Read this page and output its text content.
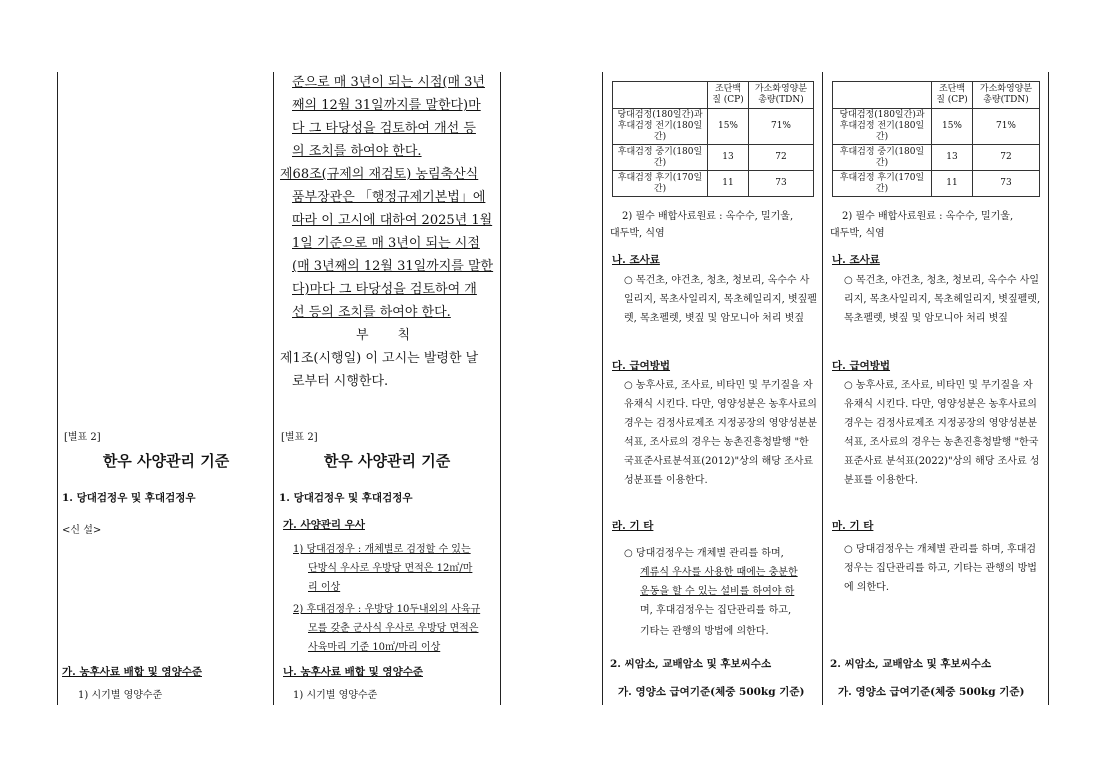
[별표 2]
한우 사양관리 기준
1. 당대검정우 및 후대검정우
<신 설>
가. 농후사료 배합 및 영양수준
1) 시기별 영양수준
준으로 매 3년이 되는 시점(매 3년
째의 12월 31일까지를 말한다)마
다 그 타당성을 검토하여 개선 등
의 조치를 하여야 한다.
제68조(규제의 재검토) 농림축산식
품부장관은 「행정규제기본법」에
따라 이 고시에 대하여 2025년 1월
1일 기준으로 매 3년이 되는 시점
(매 3년째의 12월 31일까지를 말한
다)마다 그 타당성을 검토하여 개
선 등의 조치를 하여야 한다.
부       칙
제1조(시행일) 이 고시는 발령한 날
로부터 시행한다.
[별표 2]
한우 사양관리 기준
1. 당대검정우 및 후대검정우
가. 사양관리 우사
1) 당대검정우 : 개체별로 검정할 수 있는
단방식 우사로 우방당 면적은 12㎡/마
리 이상
2) 후대검정우 : 우방당 10두내외의 사육규
모를 갖춘 군사식 우사로 우방당 면적은
사육마리 기준 10㎡/마리 이상
나. 농후사료 배합 및 영양수준
1) 시기별 영양수준
	조단백질 (CP)	가소화영양분총량(TDN)
당대검정(180일간)과 후대검정 전기(180일간)	15%	71%
후대검정 중기(180일간)	13	72
후대검정 후기(170일간)	11	73
2) 필수 배합사료원료 : 옥수수, 밀기울,
대두박, 식염
나. 조사료
○ 목건초, 야건초, 청초, 청보리, 옥수수 사일리지, 목초사일리지, 목초헤일리지, 볏짚펠렛, 목초펠렛, 볏짚 및 암모니아 처리 볏짚
다. 급여방법
○ 농후사료, 조사료, 비타민 및 무기질을 자유채식 시킨다. 다만, 영양성분은 농후사료의 경우는 검정사료제조 지정공장의 영양성분분석표, 조사료의 경우는 농촌진흥청발행 "한국표준사료분석표(2012)"상의 해당 조사료 성분표를 이용한다.
라. 기 타
○ 당대검정우는 개체별 관리를 하며,
계류식 우사를 사용한 때에는 충분한
운동을 할 수 있는 설비를 하여야 하
며, 후대검정우는 집단관리를 하고,
기타는 관행의 방법에 의한다.
2. 씨암소, 교배암소 및 후보씨수소
가. 영양소 급여기준(체중 500kg 기준)
	조단백질 (CP)	가소화영양분총량(TDN)
당대검정(180일간)과 후대검정 전기(180일간)	15%	71%
후대검정 중기(180일간)	13	72
후대검정 후기(170일간)	11	73
2) 필수 배합사료원료 : 옥수수, 밀기울,
대두박, 식염
나. 조사료
○ 목건초, 야건초, 청초, 청보리, 옥수수 사일리지, 목초사일리지, 목초헤일리지, 볏짚펠렛, 목초펠렛, 볏짚 및 암모니아 처리 볏짚
다. 급여방법
○ 농후사료, 조사료, 비타민 및 무기질을 자유채식 시킨다. 다만, 영양성분은 농후사료의 경우는 검정사료제조 지정공장의 영양성분분석표, 조사료의 경우는 농촌진흥청발행 "한국표준사료 분석표(2022)"상의 해당 조사료 성분표를 이용한다.
마. 기 타
○ 당대검정우는 개체별 관리를 하며, 후대검정우는 집단관리를 하고, 기타는 관행의 방법에 의한다.
2. 씨암소, 교배암소 및 후보씨수소
가. 영양소 급여기준(체중 500kg 기준)
